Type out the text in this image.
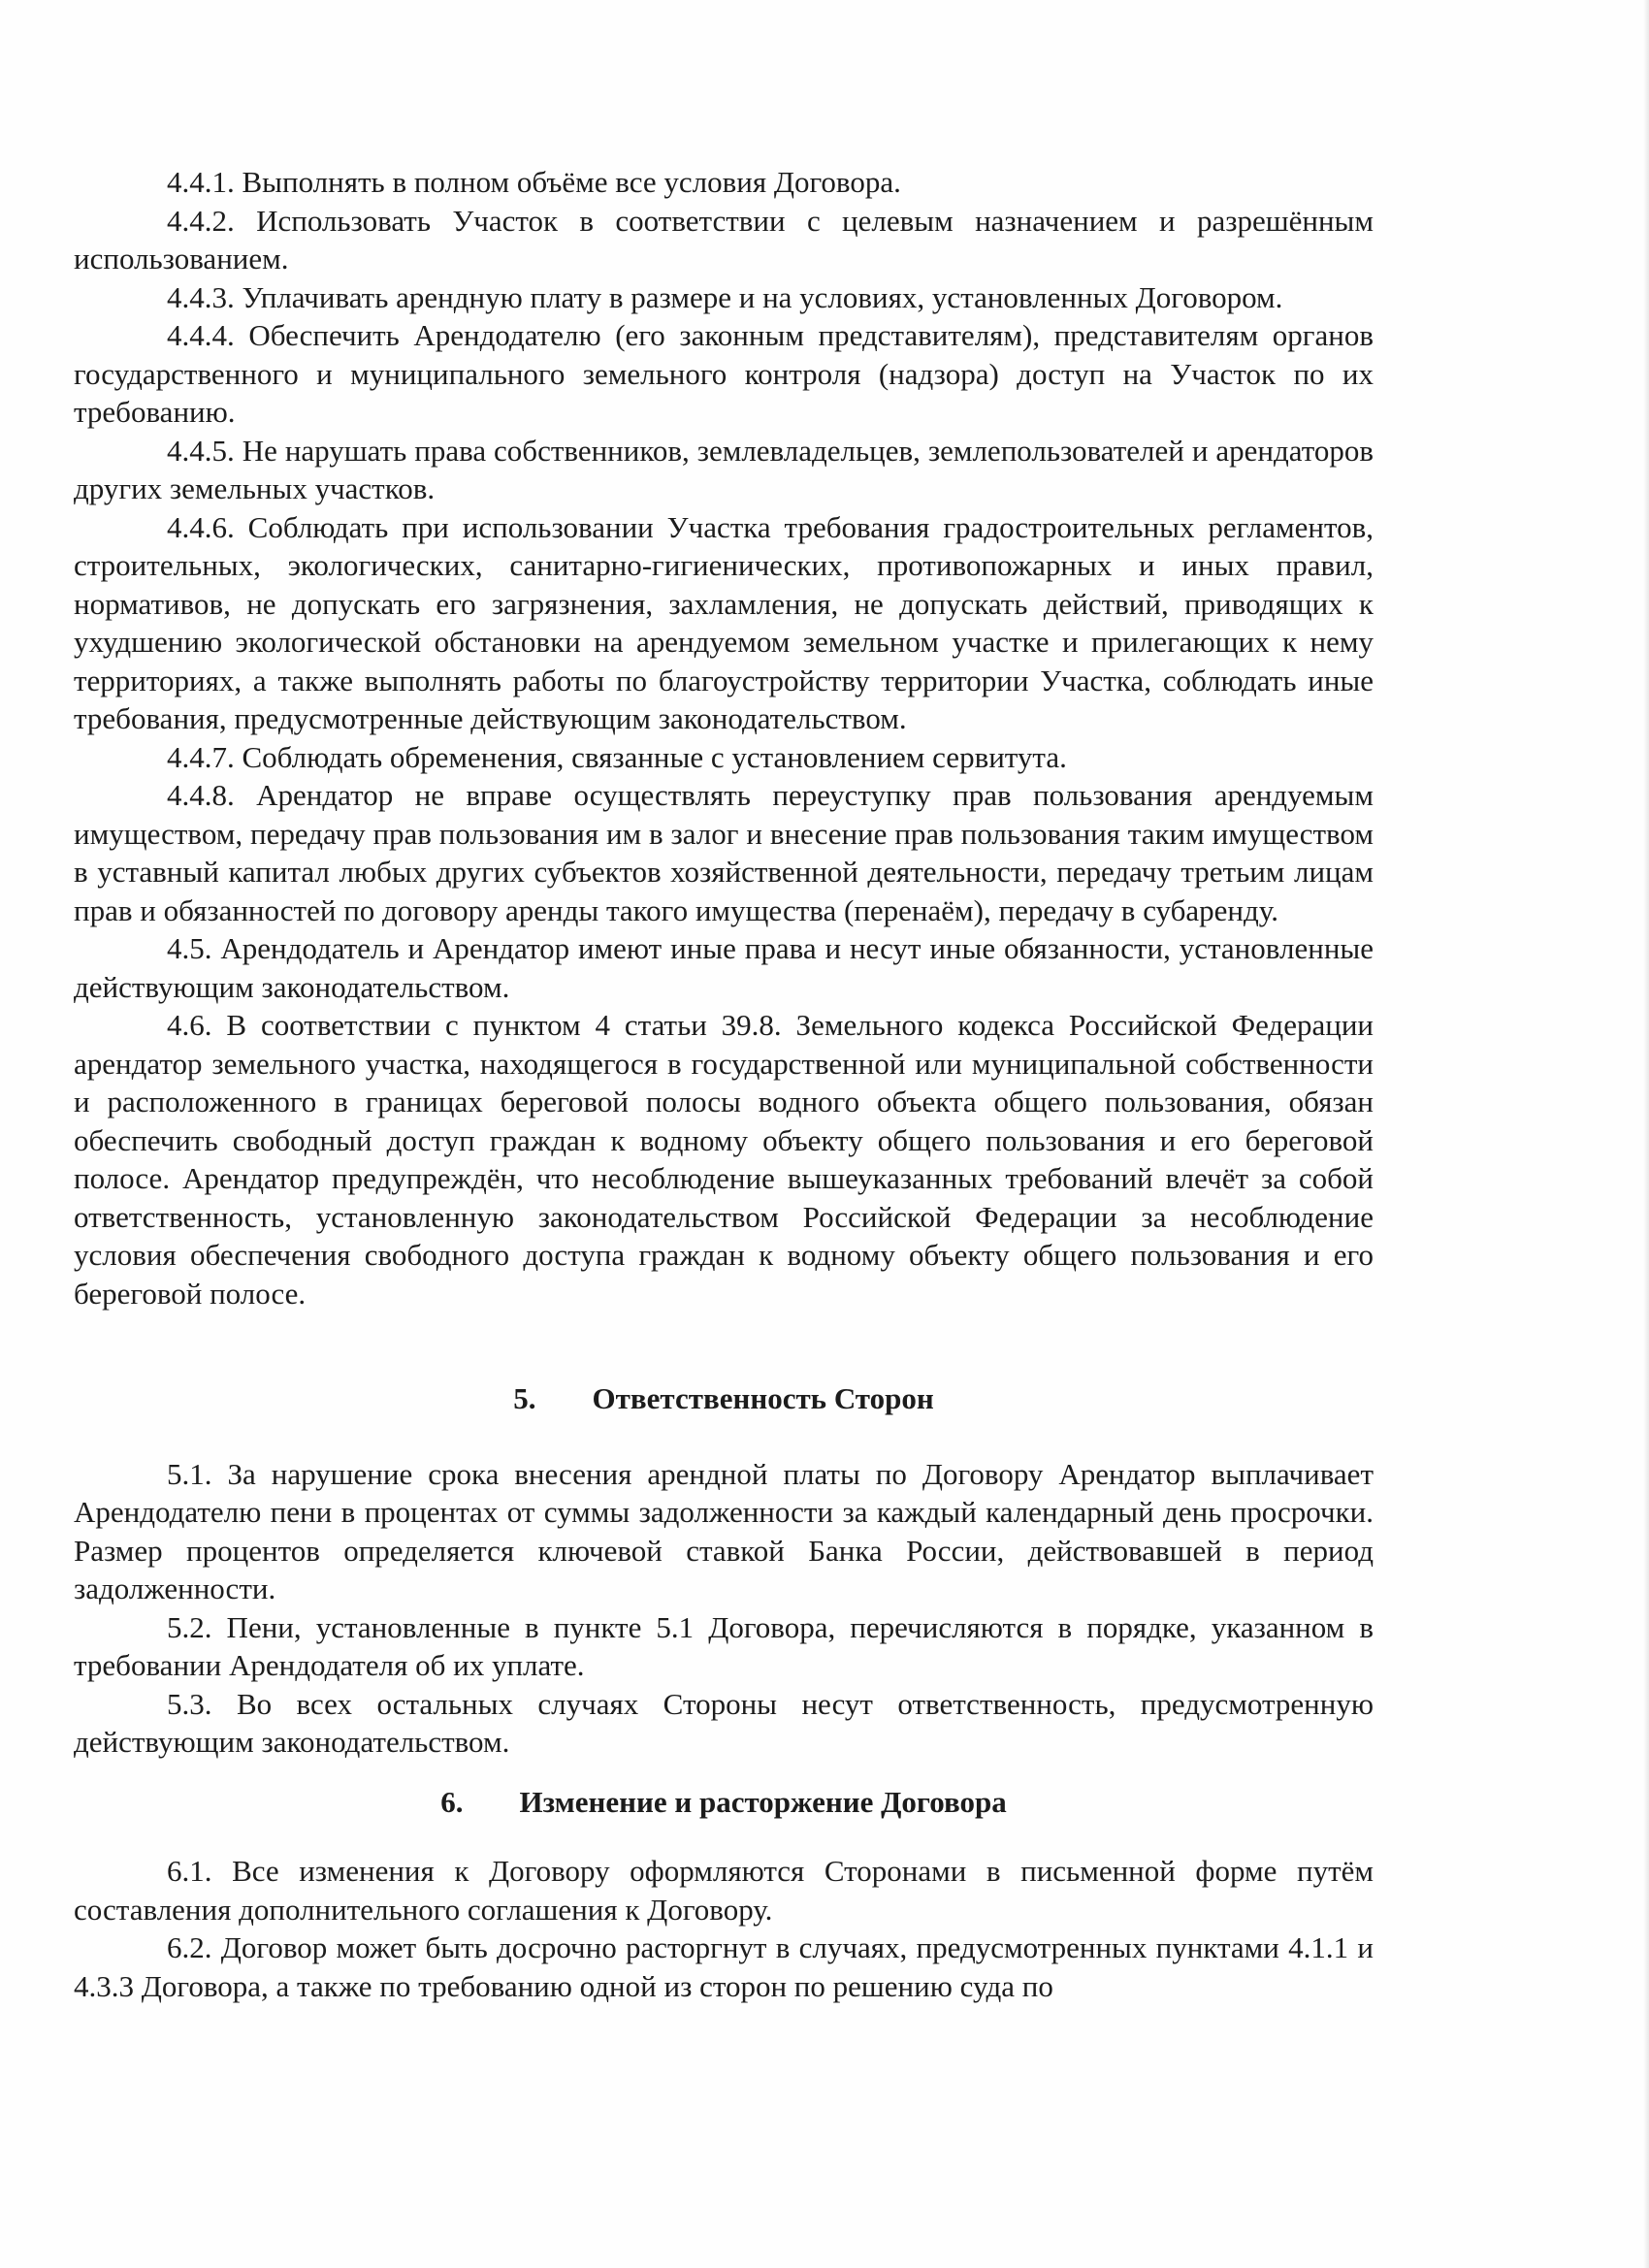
4.4.1. Выполнять в полном объёме все условия Договора.

4.4.2. Использовать Участок в соответствии с целевым назначением и разрешённым использованием.

4.4.3. Уплачивать арендную плату в размере и на условиях, установленных Договором.

4.4.4. Обеспечить Арендодателю (его законным представителям), представителям органов государственного и муниципального земельного контроля (надзора) доступ на Участок по их требованию.

4.4.5. Не нарушать права собственников, землевладельцев, землепользователей и арендаторов других земельных участков.

4.4.6. Соблюдать при использовании Участка требования градостроительных регламентов, строительных, экологических, санитарно-гигиенических, противопожарных и иных правил, нормативов, не допускать его загрязнения, захламления, не допускать действий, приводящих к ухудшению экологической обстановки на арендуемом земельном участке и прилегающих к нему территориях, а также выполнять работы по благоустройству территории Участка, соблюдать иные требования, предусмотренные действующим законодательством.

4.4.7. Соблюдать обременения, связанные с установлением сервитута.

4.4.8. Арендатор не вправе осуществлять переуступку прав пользования арендуемым имуществом, передачу прав пользования им в залог и внесение прав пользования таким имуществом в уставный капитал любых других субъектов хозяйственной деятельности, передачу третьим лицам прав и обязанностей по договору аренды такого имущества (перенаём), передачу в субаренду.

4.5. Арендодатель и Арендатор имеют иные права и несут иные обязанности, установленные действующим законодательством.

4.6. В соответствии с пунктом 4 статьи 39.8. Земельного кодекса Российской Федерации арендатор земельного участка, находящегося в государственной или муниципальной собственности и расположенного в границах береговой полосы водного объекта общего пользования, обязан обеспечить свободный доступ граждан к водному объекту общего пользования и его береговой полосе. Арендатор предупреждён, что несоблюдение вышеуказанных требований влечёт за собой ответственность, установленную законодательством Российской Федерации за несоблюдение условия обеспечения свободного доступа граждан к водному объекту общего пользования и его береговой полосе.

5. Ответственность Сторон

5.1. За нарушение срока внесения арендной платы по Договору Арендатор выплачивает Арендодателю пени в процентах от суммы задолженности за каждый календарный день просрочки. Размер процентов определяется ключевой ставкой Банка России, действовавшей в период задолженности.

5.2. Пени, установленные в пункте 5.1 Договора, перечисляются в порядке, указанном в требовании Арендодателя об их уплате.

5.3. Во всех остальных случаях Стороны несут ответственность, предусмотренную действующим законодательством.

6. Изменение и расторжение Договора

6.1. Все изменения к Договору оформляются Сторонами в письменной форме путём составления дополнительного соглашения к Договору.

6.2. Договор может быть досрочно расторгнут в случаях, предусмотренных пунктами 4.1.1 и 4.3.3 Договора, а также по требованию одной из сторон по решению суда по
